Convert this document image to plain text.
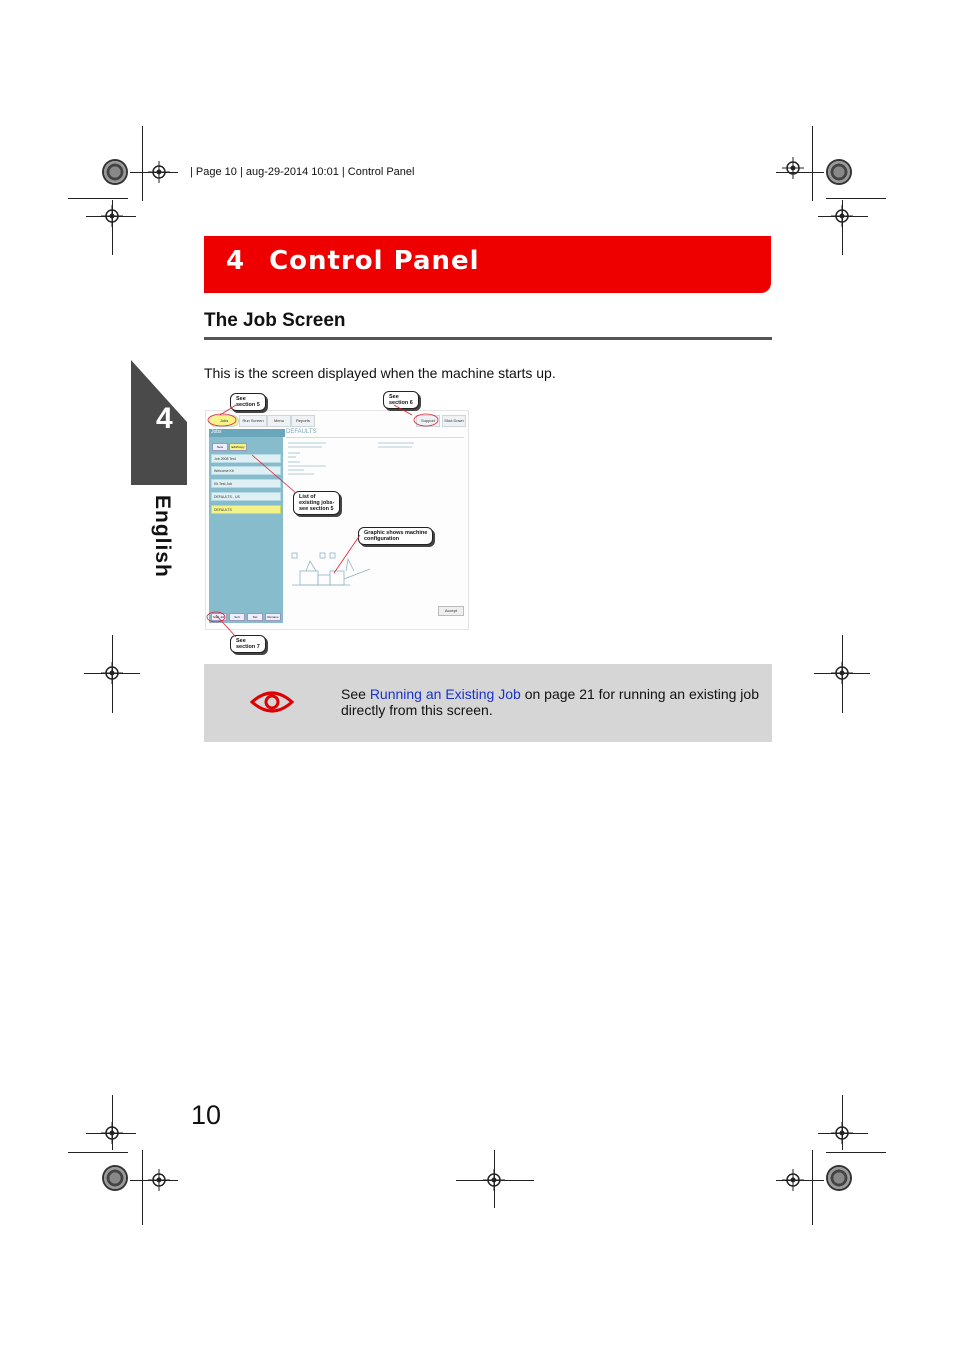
| Page 10 | aug-29-2014 10:01 | Control Panel
4 Control Panel
The Job Screen
4
English
This is the screen displayed when the machine starts up.
Jobs	Run Screen	Menu	Reports	Support	Shut Down
Jobs
New	Edit/Copy
Job 2908 Test
Welcome Kit
Kit Test Job
DEFAULTS - US
DEFAULTS
Start Job	Sort	Del	Rename
DEFAULTS
Accept
See
section 5
See
section 6
List of
existing jobs-
see section 5
Graphic shows machine
configuration
See
section 7
See Running an Existing Job on page 21 for running an existing job directly from this screen.
10
